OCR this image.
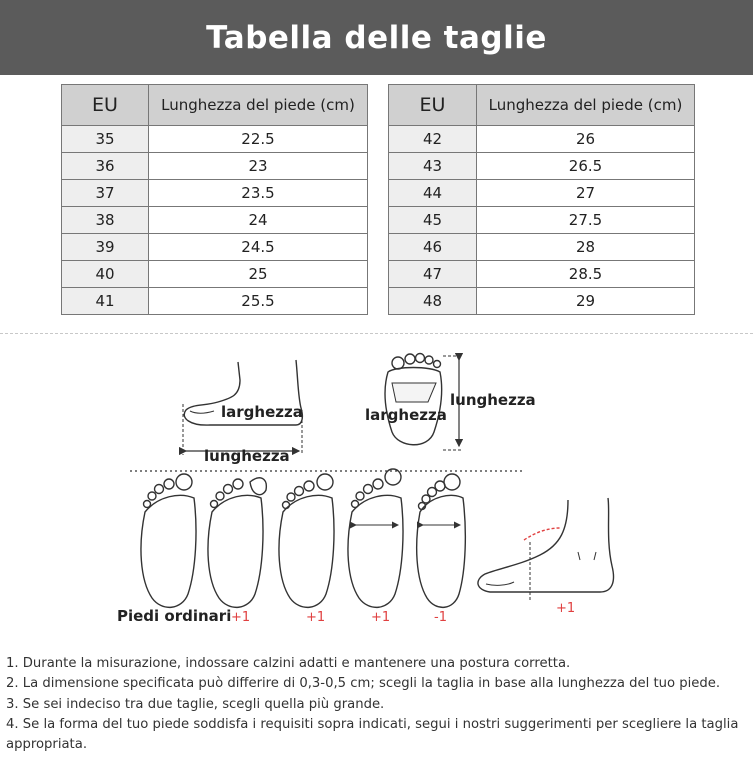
Tabella delle taglie
EU	Lunghezza del piede (cm)
35	22.5
36	23
37	23.5
38	24
39	24.5
40	25
41	25.5
EU	Lunghezza del piede (cm)
42	26
43	26.5
44	27
45	27.5
46	28
47	28.5
48	29
larghezza
lunghezza
larghezza
lunghezza
Piedi ordinari +1	+1	+1	-1
+1
1. Durante la misurazione, indossare calzini adatti e mantenere una postura corretta.
2. La dimensione specificata può differire di 0,3-0,5 cm; scegli la taglia in base alla lunghezza del tuo piede.
3. Se sei indeciso tra due taglie, scegli quella più grande.
4. Se la forma del tuo piede soddisfa i requisiti sopra indicati, segui i nostri suggerimenti per scegliere la taglia appropriata.
